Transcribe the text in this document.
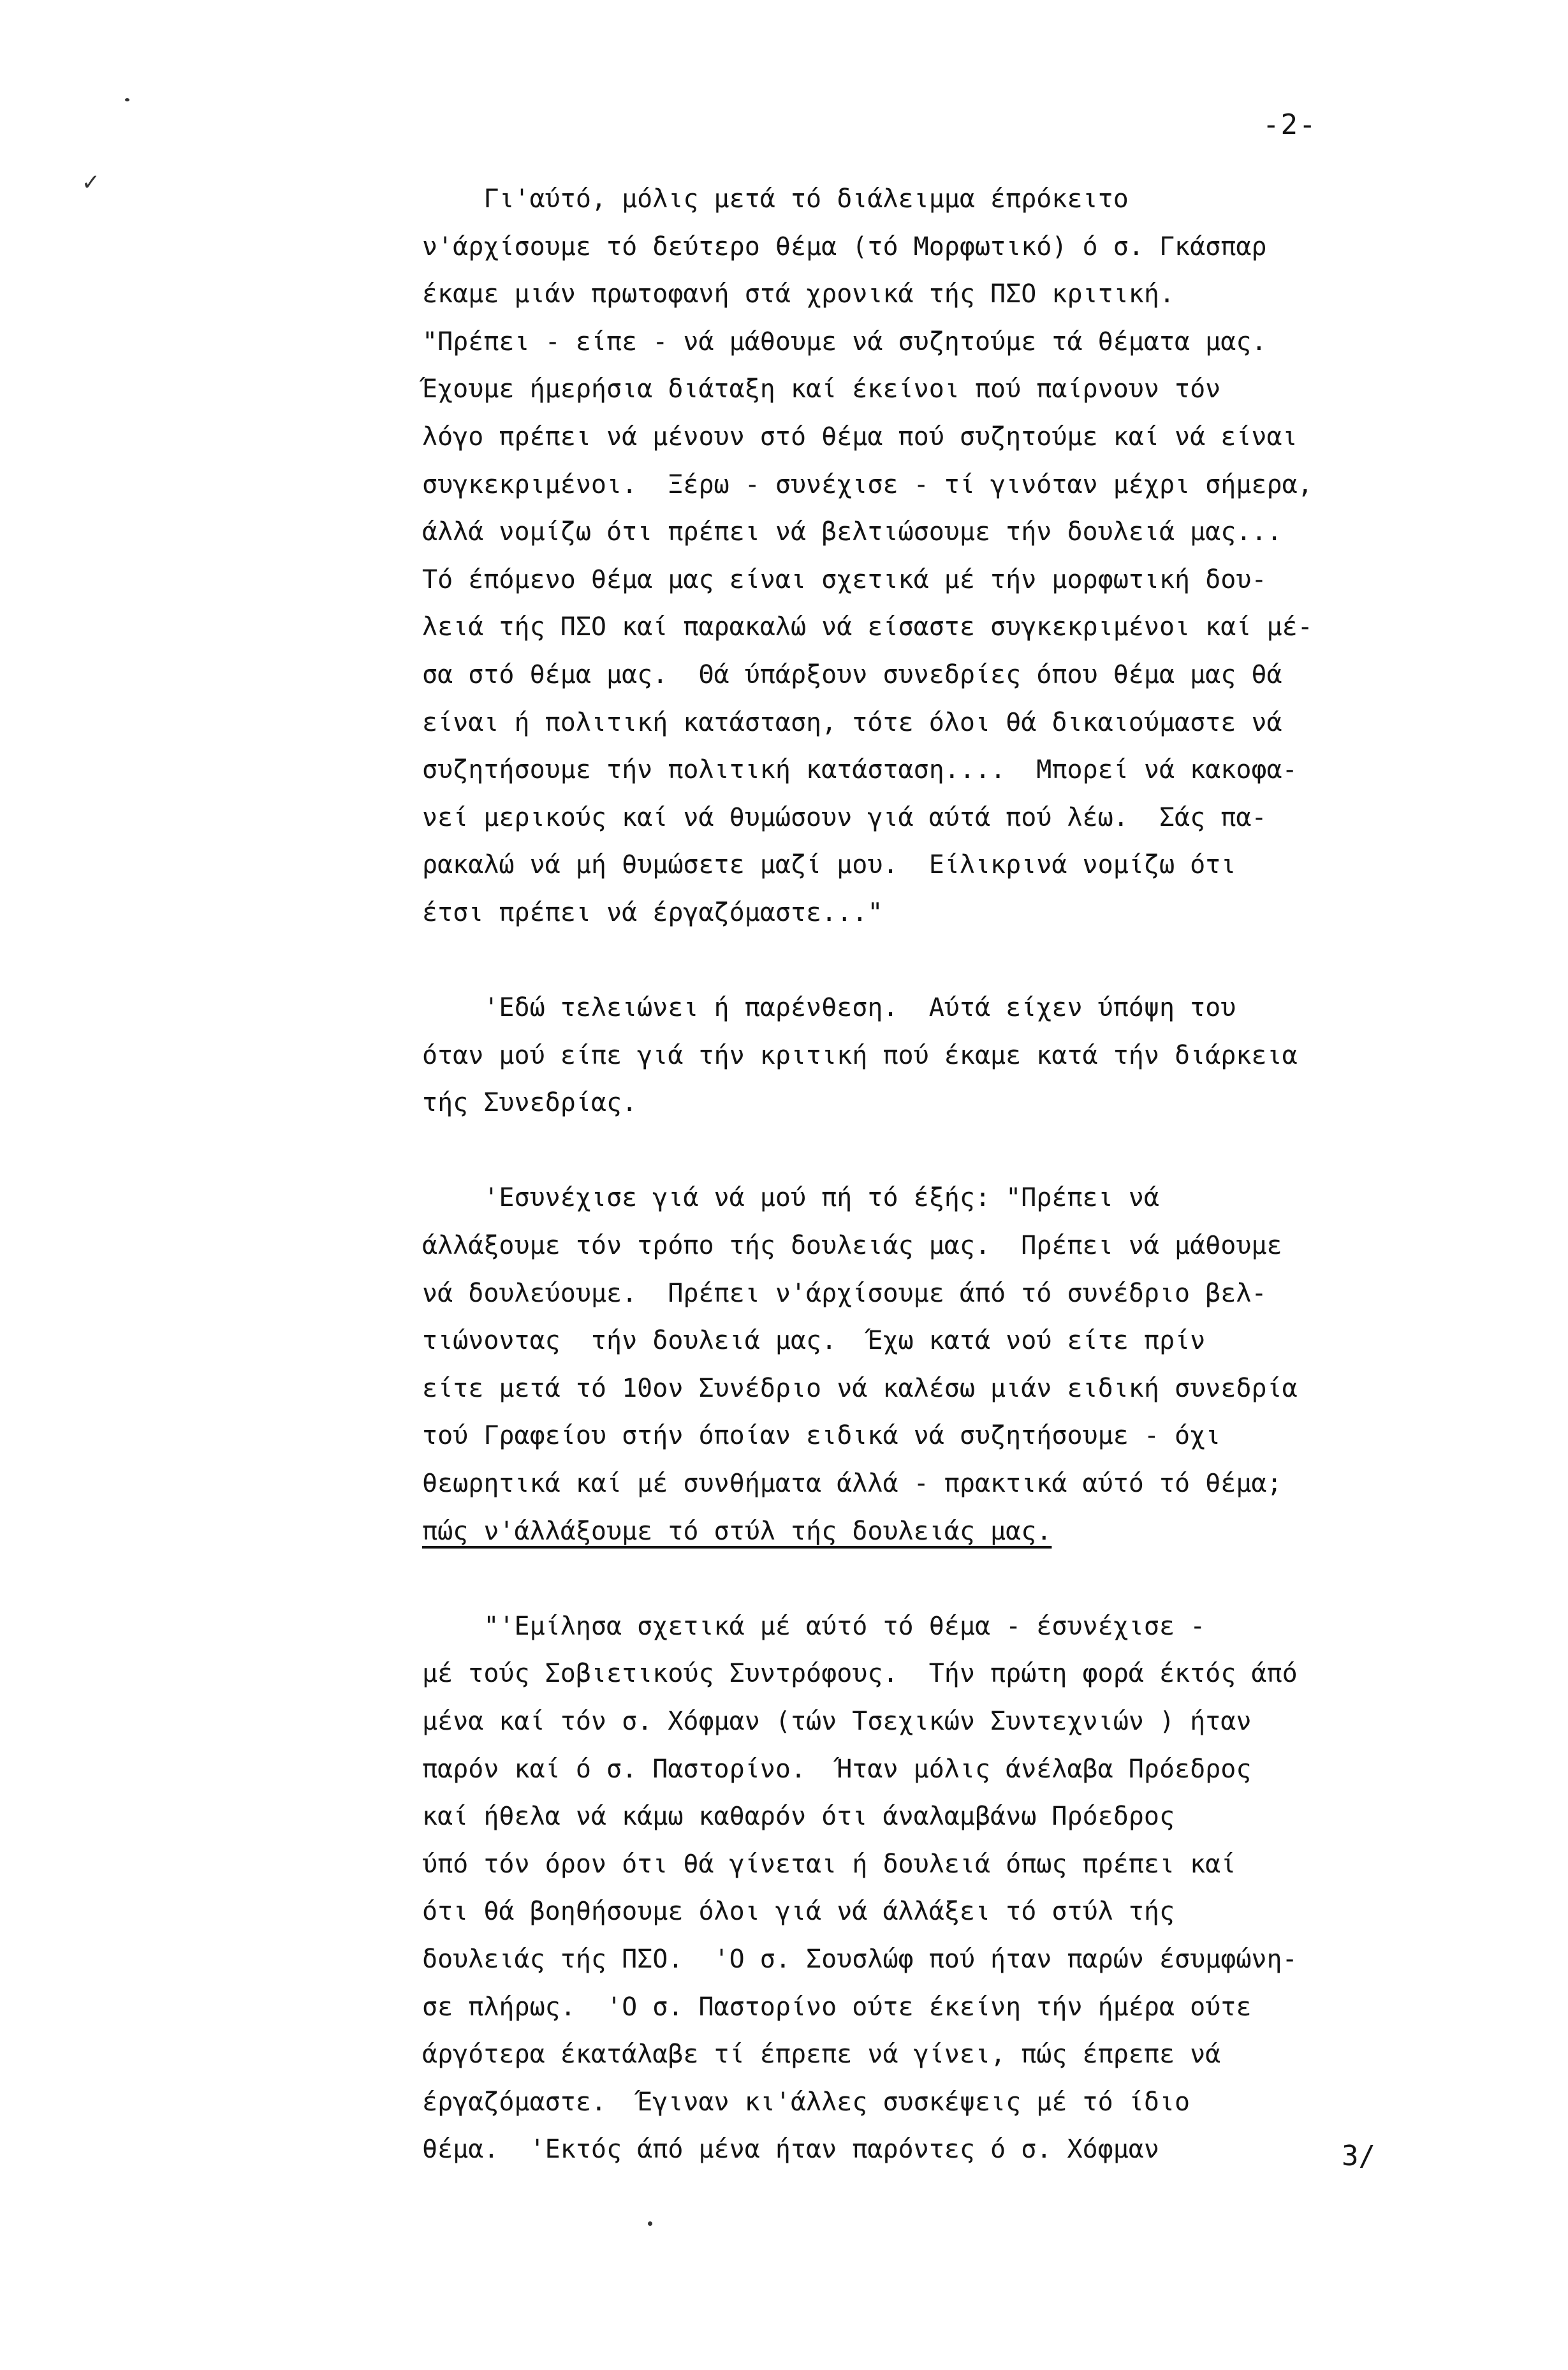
✓
-2-
Γι'αύτό, μόλις μετά τό διάλειμμα έπρόκειτο
ν'άρχίσουμε τό δεύτερο θέμα (τό Μορφωτικό) ό σ. Γκάσπαρ
έκαμε μιάν πρωτοφανή στά χρονικά τής ΠΣΟ κριτική.
"Πρέπει - είπε - νά μάθουμε νά συζητούμε τά θέματα μας.
Έχουμε ήμερήσια διάταξη καί έκείνοι πού παίρνουν τόν
λόγο πρέπει νά μένουν στό θέμα πού συζητούμε καί νά είναι
συγκεκριμένοι.  Ξέρω - συνέχισε - τί γινόταν μέχρι σήμερα,
άλλά νομίζω ότι πρέπει νά βελτιώσουμε τήν δουλειά μας...
Τό έπόμενο θέμα μας είναι σχετικά μέ τήν μορφωτική δου-
λειά τής ΠΣΟ καί παρακαλώ νά είσαστε συγκεκριμένοι καί μέ-
σα στό θέμα μας.  Θά ύπάρξουν συνεδρίες όπου θέμα μας θά
είναι ή πολιτική κατάσταση, τότε όλοι θά δικαιούμαστε νά
συζητήσουμε τήν πολιτική κατάσταση....  Μπορεί νά κακοφα-
νεί μερικούς καί νά θυμώσουν γιά αύτά πού λέω.  Σάς πα-
ρακαλώ νά μή θυμώσετε μαζί μου.  Είλικρινά νομίζω ότι
έτσι πρέπει νά έργαζόμαστε..."
'Εδώ τελειώνει ή παρένθεση.  Αύτά είχεν ύπόψη του
όταν μού είπε γιά τήν κριτική πού έκαμε κατά τήν διάρκεια
τής Συνεδρίας.
'Εσυνέχισε γιά νά μού πή τό έξής: "Πρέπει νά
άλλάξουμε τόν τρόπο τής δουλειάς μας.  Πρέπει νά μάθουμε
νά δουλεύουμε.  Πρέπει ν'άρχίσουμε άπό τό συνέδριο βελ-
τιώνοντας  τήν δουλειά μας.  Έχω κατά νού είτε πρίν
είτε μετά τό 10ον Συνέδριο νά καλέσω μιάν ειδική συνεδρία
τού Γραφείου στήν όποίαν ειδικά νά συζητήσουμε - όχι
θεωρητικά καί μέ συνθήματα άλλά - πρακτικά αύτό τό θέμα;
πώς ν'άλλάξουμε τό στύλ τής δουλειάς μας.
"'Εμίλησα σχετικά μέ αύτό τό θέμα - έσυνέχισε -
μέ τούς Σοβιετικούς Συντρόφους.  Τήν πρώτη φορά έκτός άπό
μένα καί τόν σ. Χόφμαν (τών Τσεχικών Συντεχνιών ) ήταν
παρόν καί ό σ. Παστορίνο.  Ήταν μόλις άνέλαβα Πρόεδρος
καί ήθελα νά κάμω καθαρόν ότι άναλαμβάνω Πρόεδρος
ύπό τόν όρον ότι θά γίνεται ή δουλειά όπως πρέπει καί
ότι θά βοηθήσουμε όλοι γιά νά άλλάξει τό στύλ τής
δουλειάς τής ΠΣΟ.  'Ο σ. Σουσλώφ πού ήταν παρών έσυμφώνη-
σε πλήρως.  'Ο σ. Παστορίνο ούτε έκείνη τήν ήμέρα ούτε
άργότερα έκατάλαβε τί έπρεπε νά γίνει, πώς έπρεπε νά
έργαζόμαστε.  Έγιναν κι'άλλες συσκέψεις μέ τό ίδιο
θέμα.  'Εκτός άπό μένα ήταν παρόντες ό σ. Χόφμαν	3/
